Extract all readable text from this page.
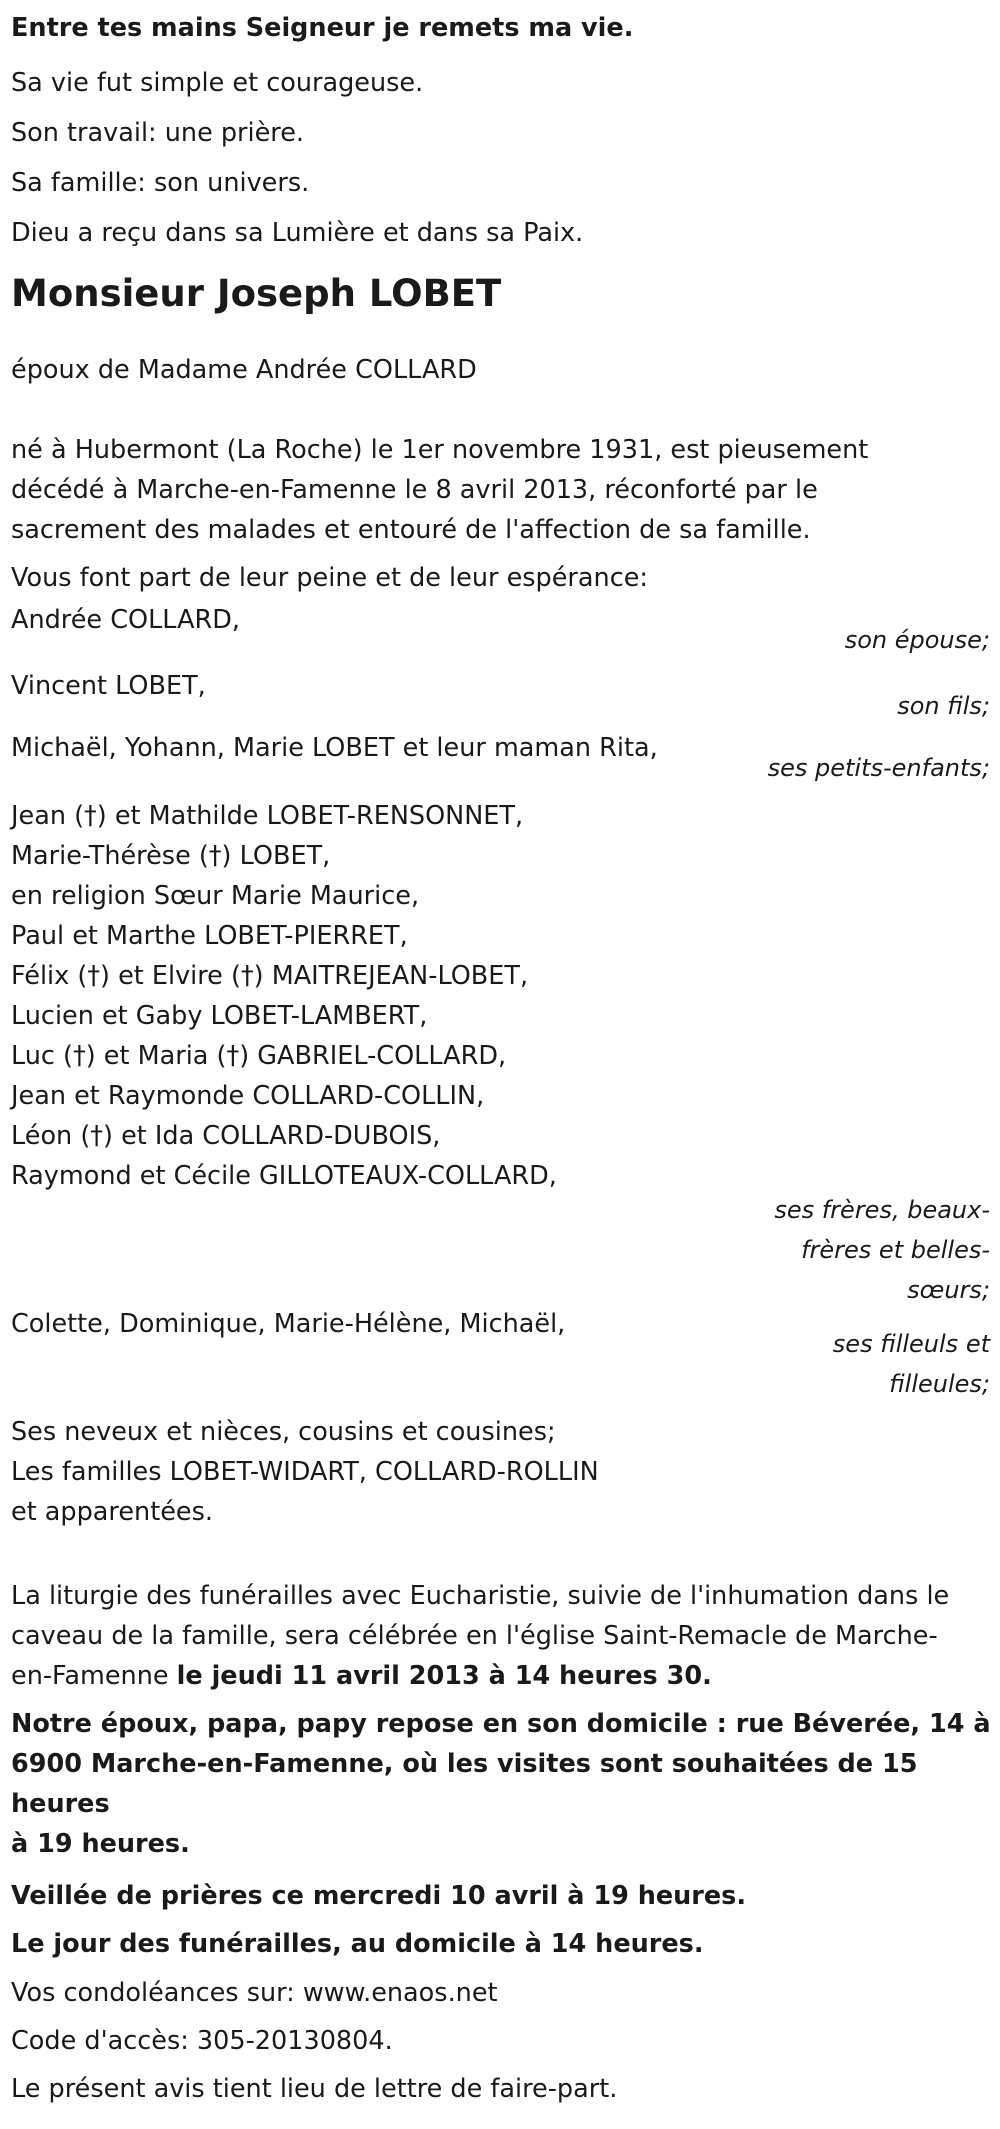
Entre tes mains Seigneur je remets ma vie.

Sa vie fut simple et courageuse.

Son travail: une prière.

Sa famille: son univers.

Dieu a reçu dans sa Lumière et dans sa Paix.

Monsieur Joseph LOBET

époux de Madame Andrée COLLARD

né à Hubermont (La Roche) le 1er novembre 1931, est pieusement

décédé à Marche-en-Famenne le 8 avril 2013, réconforté par le

sacrement des malades et entouré de l'affection de sa famille.

Vous font part de leur peine et de leur espérance:

Andrée COLLARD,
son épouse;
Vincent LOBET,
son fils;
Michaël, Yohann, Marie LOBET et leur maman Rita,
ses petits-enfants;

Jean (†) et Mathilde LOBET-RENSONNET,

Marie-Thérèse (†) LOBET,

en religion Sœur Marie Maurice,

Paul et Marthe LOBET-PIERRET,

Félix (†) et Elvire (†) MAITREJEAN-LOBET,

Lucien et Gaby LOBET-LAMBERT,

Luc (†) et Maria (†) GABRIEL-COLLARD,

Jean et Raymonde COLLARD-COLLIN,

Léon (†) et Ida COLLARD-DUBOIS,

Raymond et Cécile GILLOTEAUX-COLLARD,

ses frères, beaux-
frères et belles-
sœurs;
Colette, Dominique, Marie-Hélène, Michaël,
ses filleuls et
filleules;

Ses neveux et nièces, cousins et cousines;

Les familles LOBET-WIDART, COLLARD-ROLLIN

et apparentées.

La liturgie des funérailles avec Eucharistie, suivie de l'inhumation dans le

caveau de la famille, sera célébrée en l'église Saint-Remacle de Marche-

en-Famenne le jeudi 11 avril 2013 à 14 heures 30.

Notre époux, papa, papy repose en son domicile : rue Béverée, 14 à

6900 Marche-en-Famenne, où les visites sont souhaitées de 15 heures

à 19 heures.

Veillée de prières ce mercredi 10 avril à 19 heures.

Le jour des funérailles, au domicile à 14 heures.

Vos condoléances sur: www.enaos.net

Code d'accès: 305-20130804.

Le présent avis tient lieu de lettre de faire-part.
